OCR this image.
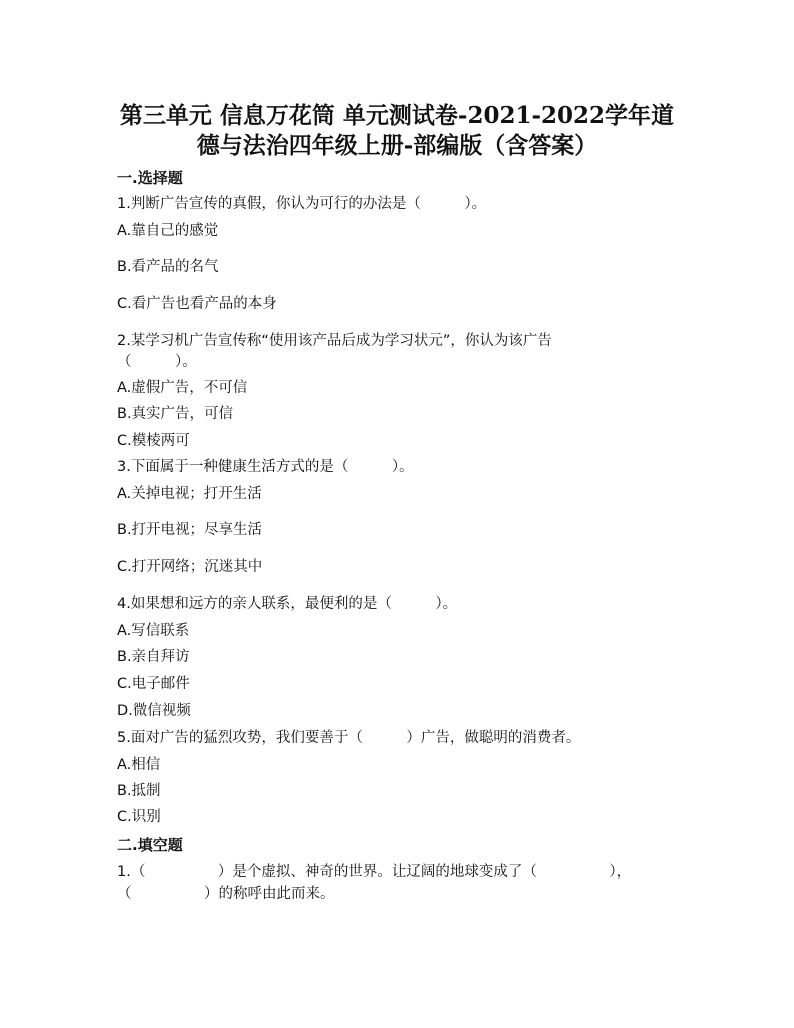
第三单元 信息万花筒 单元测试卷-2021-2022学年道
德与法治四年级上册-部编版（含答案）
一.选择题
1.判断广告宣传的真假，你认为可行的办法是（　　　）。
A.靠自己的感觉
B.看产品的名气
C.看广告也看产品的本身
2.某学习机广告宣传称“使用该产品后成为学习状元”，你认为该广告
（　　　）。
A.虚假广告，不可信
B.真实广告，可信
C.模棱两可
3.下面属于一种健康生活方式的是（　　　）。
A.关掉电视；打开生活
B.打开电视；尽享生活
C.打开网络；沉迷其中
4.如果想和远方的亲人联系，最便利的是（　　　）。
A.写信联系
B.亲自拜访
C.电子邮件
D.微信视频
5.面对广告的猛烈攻势，我们要善于（　　　）广告，做聪明的消费者。
A.相信
B.抵制
C.识别
二.填空题
1.（　　　　　）是个虚拟、神奇的世界。让辽阔的地球变成了（　　　　　），
（　　　　　）的称呼由此而来。
